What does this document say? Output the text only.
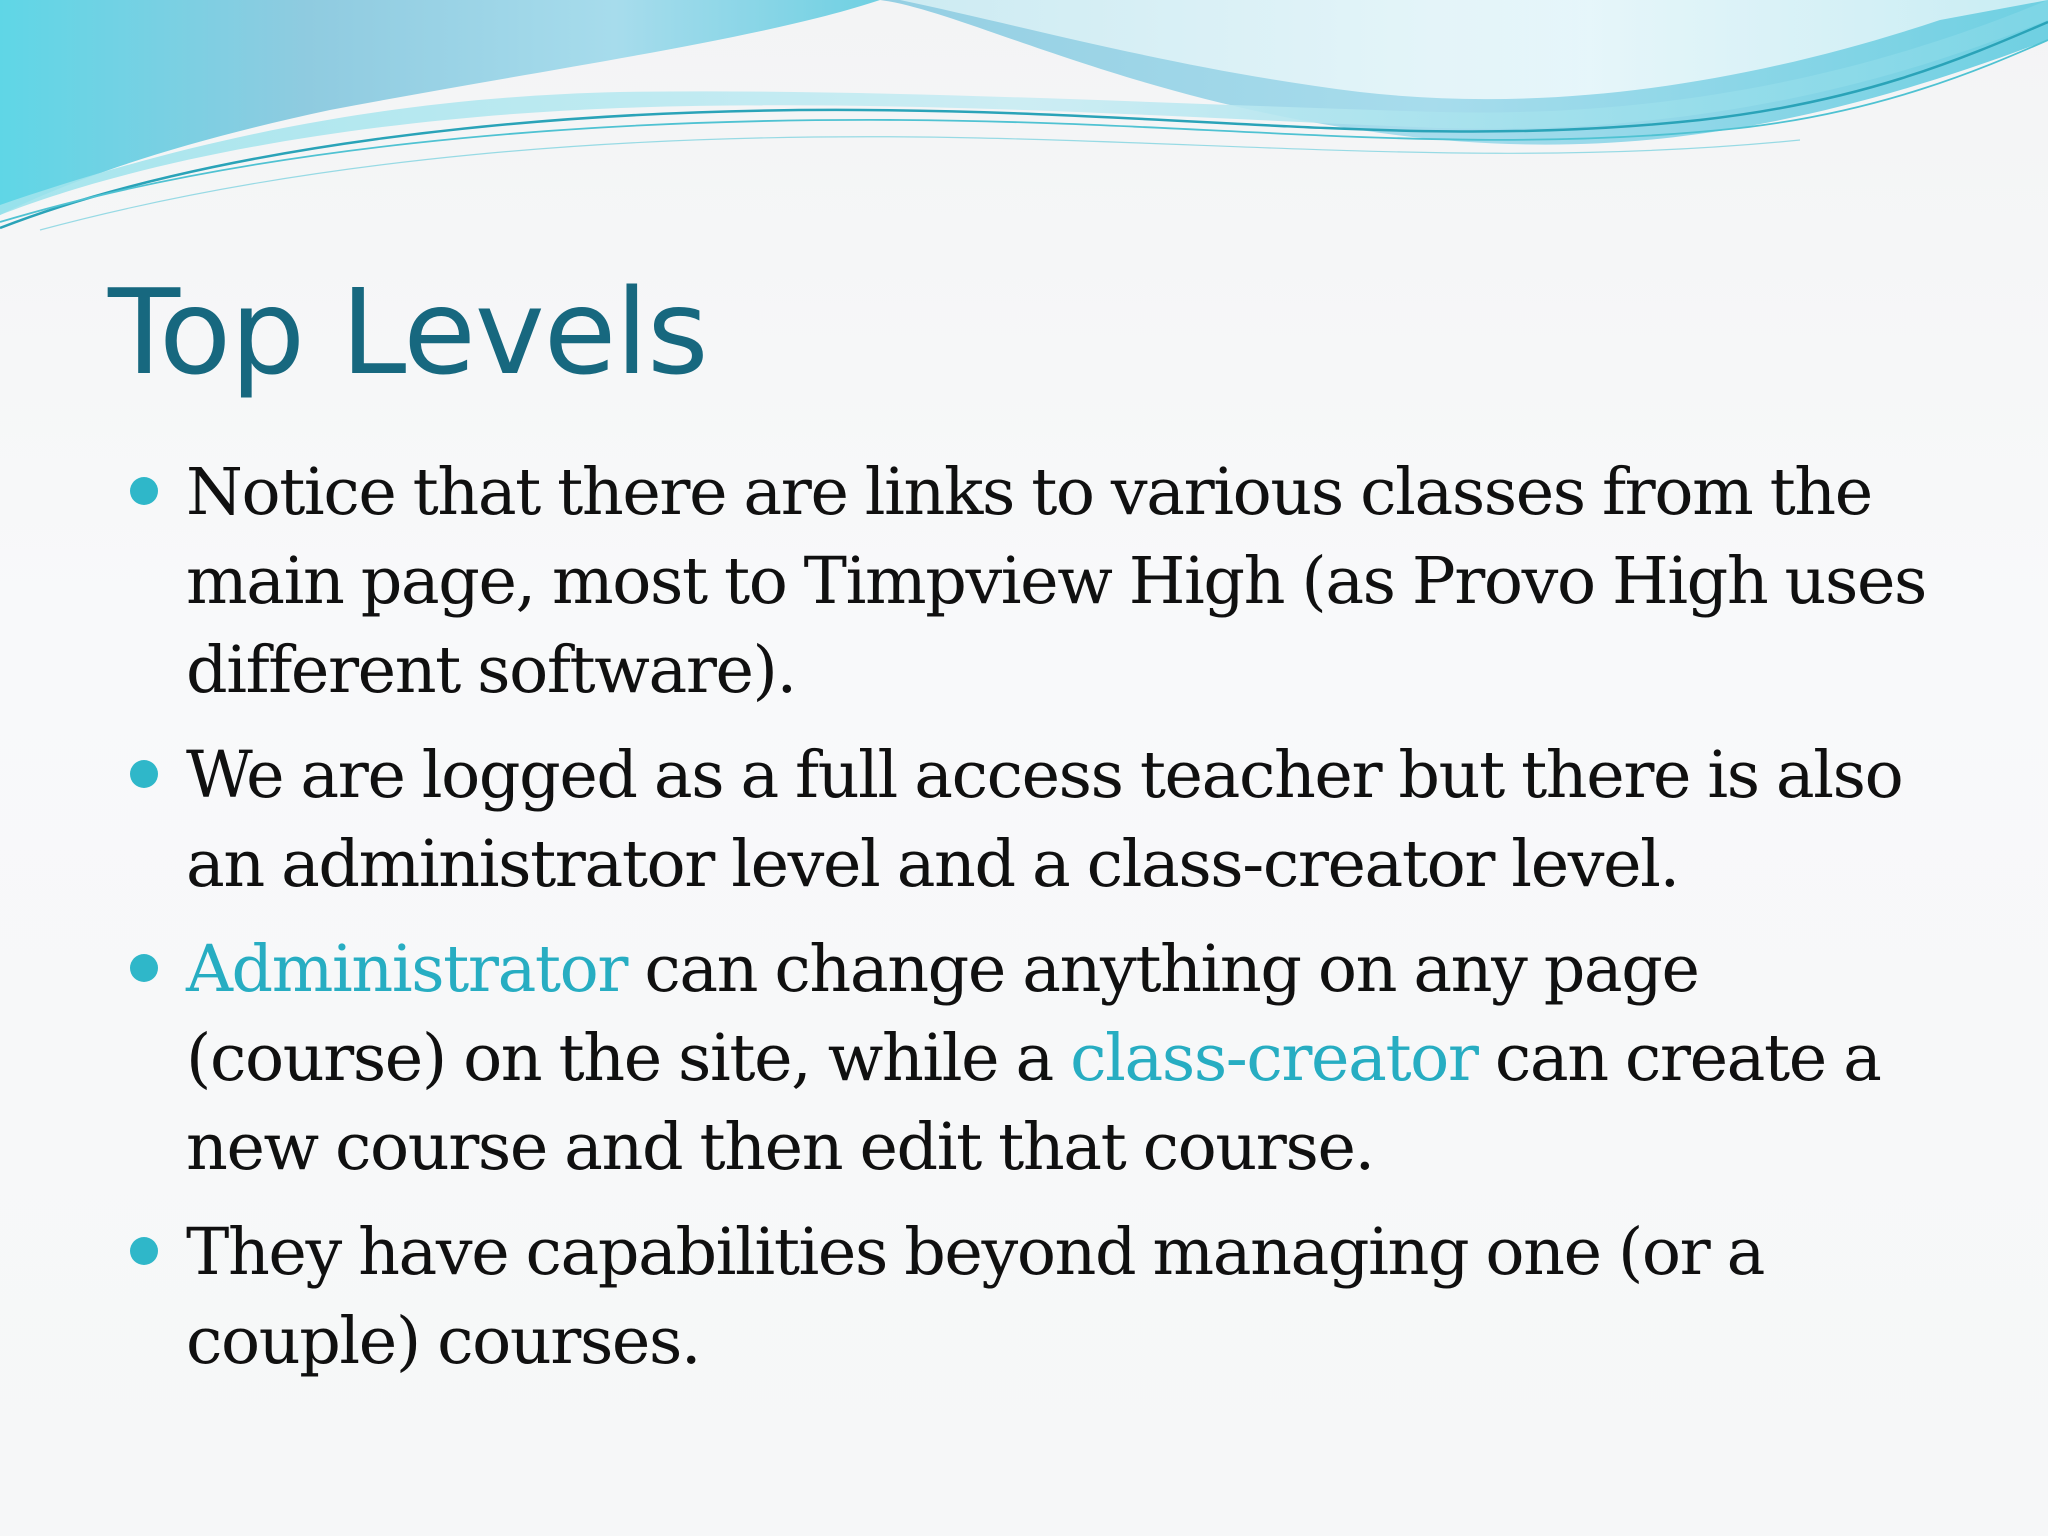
Top Levels
Notice that there are links to various classes from the main page, most to Timpview High (as Provo High uses different software).
We are logged as a full access teacher but there is also an administrator level and a class-creator level.
Administrator can change anything on any page (course) on the site, while a class-creator can create a new course and then edit that course.
They have capabilities beyond managing one (or a couple) courses.
